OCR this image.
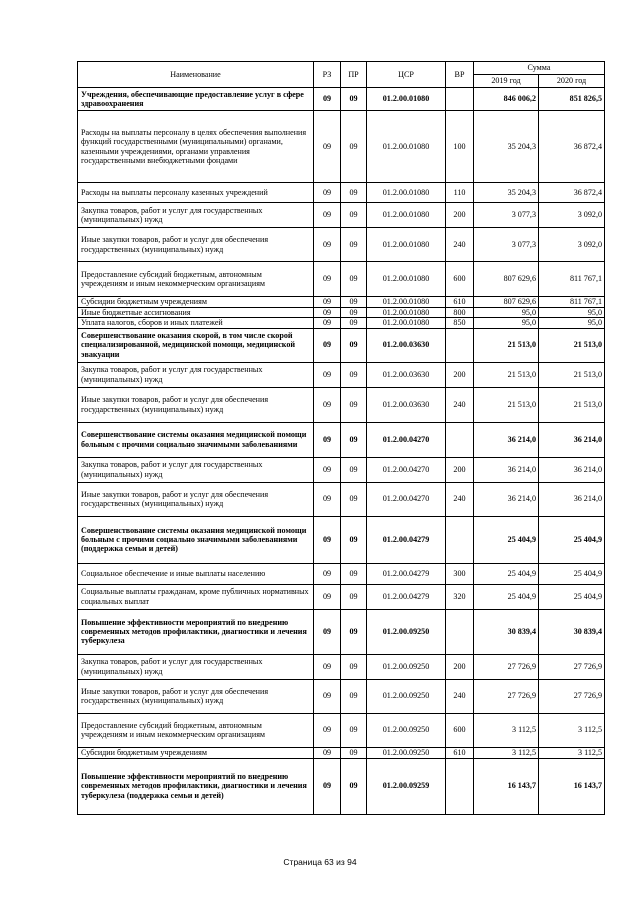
Наименование	РЗ	ПР	ЦСР	ВР	Сумма	
					2019 год	2020 год
Учреждения, обеспечивающие предоставление услуг в сфере здравоохранения	09	09	01.2.00.01080		846 006,2	851 826,5
Расходы на выплаты персоналу в целях обеспечения выполнения функций государственными (муниципальными) органами, казенными учреждениями, органами управления государственными внебюджетными фондами	09	09	01.2.00.01080	100	35 204,3	36 872,4
Расходы на выплаты персоналу казенных учреждений	09	09	01.2.00.01080	110	35 204,3	36 872,4
Закупка товаров, работ и услуг для государственных (муниципальных) нужд	09	09	01.2.00.01080	200	3 077,3	3 092,0
Иные закупки товаров, работ и услуг для обеспечения государственных (муниципальных) нужд	09	09	01.2.00.01080	240	3 077,3	3 092,0
Предоставление субсидий бюджетным, автономным учреждениям и иным некоммерческим организациям	09	09	01.2.00.01080	600	807 629,6	811 767,1
Субсидии бюджетным учреждениям	09	09	01.2.00.01080	610	807 629,6	811 767,1
Иные бюджетные ассигнования	09	09	01.2.00.01080	800	95,0	95,0
Уплата налогов, сборов и иных платежей	09	09	01.2.00.01080	850	95,0	95,0
Совершенствование оказания скорой, в том числе скорой специализированной, медицинской помощи, медицинской эвакуации	09	09	01.2.00.03630		21 513,0	21 513,0
Закупка товаров, работ и услуг для государственных (муниципальных) нужд	09	09	01.2.00.03630	200	21 513,0	21 513,0
Иные закупки товаров, работ и услуг для обеспечения государственных (муниципальных) нужд	09	09	01.2.00.03630	240	21 513,0	21 513,0
Совершенствование системы оказания медицинской помощи больным с прочими социально значимыми заболеваниями	09	09	01.2.00.04270		36 214,0	36 214,0
Закупка товаров, работ и услуг для государственных (муниципальных) нужд	09	09	01.2.00.04270	200	36 214,0	36 214,0
Иные закупки товаров, работ и услуг для обеспечения государственных (муниципальных) нужд	09	09	01.2.00.04270	240	36 214,0	36 214,0
Совершенствование системы оказания медицинской помощи больным с прочими социально значимыми заболеваниями (поддержка семьи и детей)	09	09	01.2.00.04279		25 404,9	25 404,9
Социальное обеспечение и иные выплаты населению	09	09	01.2.00.04279	300	25 404,9	25 404,9
Социальные выплаты гражданам, кроме публичных нормативных социальных выплат	09	09	01.2.00.04279	320	25 404,9	25 404,9
Повышение эффективности мероприятий по внедрению современных методов профилактики, диагностики и лечения туберкулеза	09	09	01.2.00.09250		30 839,4	30 839,4
Закупка товаров, работ и услуг для государственных (муниципальных) нужд	09	09	01.2.00.09250	200	27 726,9	27 726,9
Иные закупки товаров, работ и услуг для обеспечения государственных (муниципальных) нужд	09	09	01.2.00.09250	240	27 726,9	27 726,9
Предоставление субсидий бюджетным, автономным учреждениям и иным некоммерческим организациям	09	09	01.2.00.09250	600	3 112,5	3 112,5
Субсидии бюджетным учреждениям	09	09	01.2.00.09250	610	3 112,5	3 112,5
Повышение эффективности мероприятий по внедрению современных методов профилактики, диагностики и лечения туберкулеза (поддержка семьи и детей)	09	09	01.2.00.09259		16 143,7	16 143,7
Страница 63 из 94
